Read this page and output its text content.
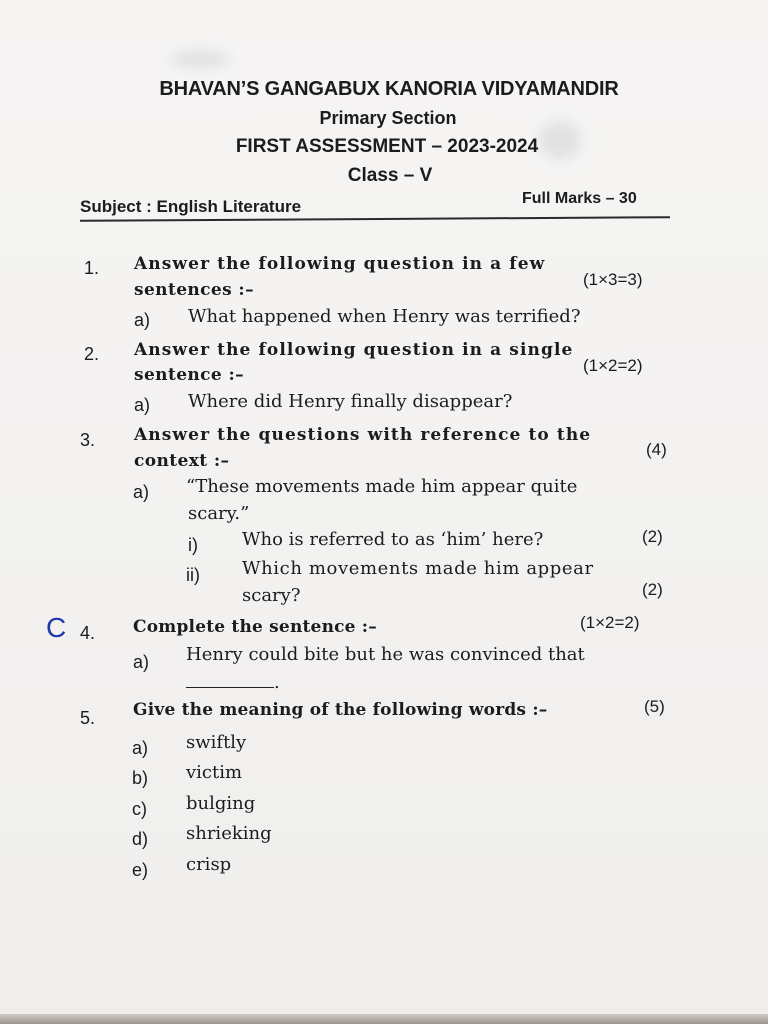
BHAVAN’S GANGABUX KANORIA VIDYAMANDIR
Primary Section
FIRST ASSESSMENT – 2023-2024
Class – V
Subject : English Literature	Full Marks – 30
1. Answer the following question in a few
sentences :–
(1×3=3)
a) What happened when Henry was terrified?
2. Answer the following question in a single
sentence :–	(1×2=2)
a) Where did Henry finally disappear?
3. Answer the questions with reference to the
context :–
(4)
a) “These movements made him appear quite
scary.”
i) Who is referred to as ‘him’ here?	(2)
ii) Which movements made him appear
scary?	(2)
C 4. Complete the sentence :–	(1×2=2)
a) Henry could bite but he was convinced that
.
5. Give the meaning of the following words :–	(5)
a) swiftly
b) victim
c) bulging
d) shrieking
e) crisp
